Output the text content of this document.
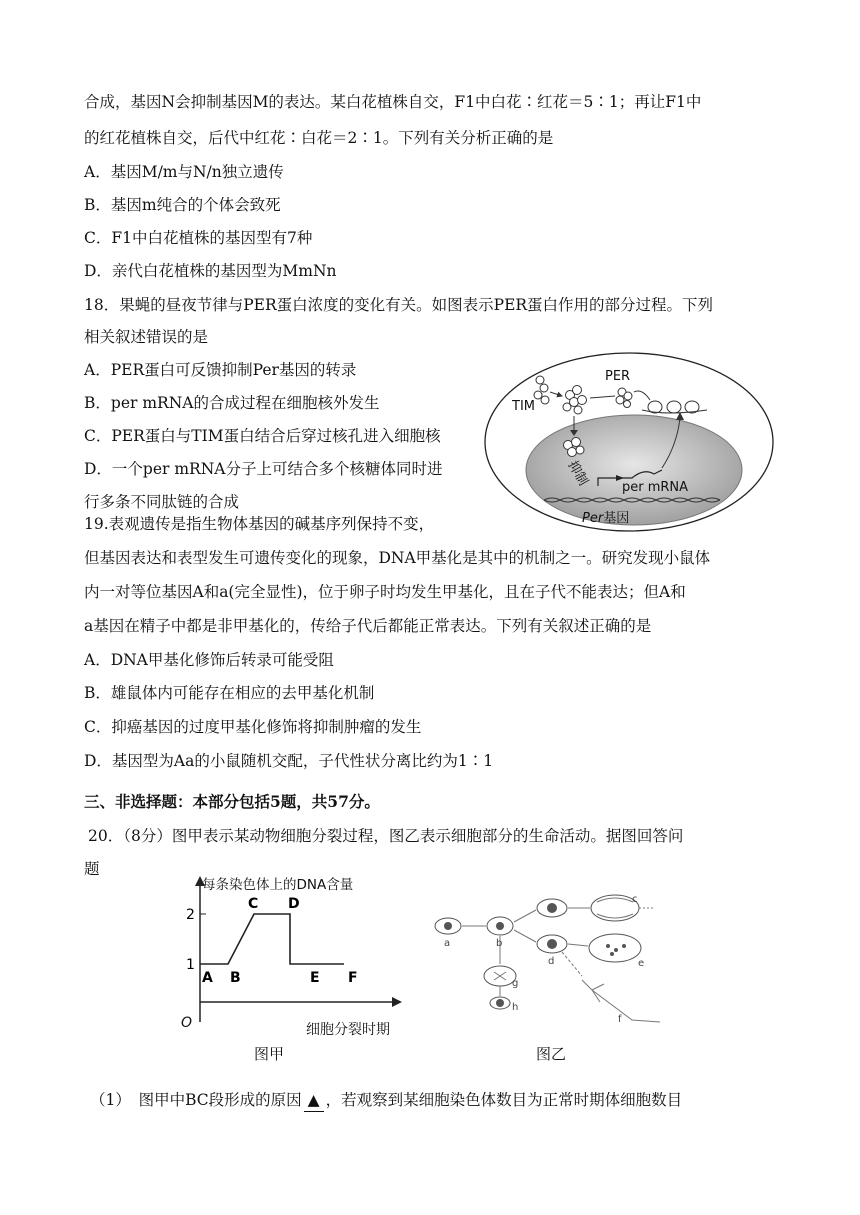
合成，基因N会抑制基因M的表达。某白花植株自交，F1中白花∶红花＝5∶1；再让F1中
的红花植株自交，后代中红花∶白花＝2∶1。下列有关分析正确的是
A．基因M/m与N/n独立遗传
B．基因m纯合的个体会致死
C．F1中白花植株的基因型有7种
D．亲代白花植株的基因型为MmNn
18．果蝇的昼夜节律与PER蛋白浓度的变化有关。如图表示PER蛋白作用的部分过程。下列
相关叙述错误的是
A．PER蛋白可反馈抑制Per基因的转录
B．per mRNA的合成过程在细胞核外发生
C．PER蛋白与TIM蛋白结合后穿过核孔进入细胞核
D．一个per mRNA分子上可结合多个核糖体同时进
行多条不同肽链的合成
TIM
PER
抑制 per mRNA
Per基因
19.表观遗传是指生物体基因的碱基序列保持不变，
但基因表达和表型发生可遗传变化的现象，DNA甲基化是其中的机制之一。研究发现小鼠体
内一对等位基因A和a(完全显性)，位于卵子时均发生甲基化，且在子代不能表达；但A和
a基因在精子中都是非甲基化的，传给子代后都能正常表达。下列有关叙述正确的是
A．DNA甲基化修饰后转录可能受阻
B．雄鼠体内可能存在相应的去甲基化机制
C．抑癌基因的过度甲基化修饰将抑制肿瘤的发生
D．基因型为Aa的小鼠随机交配，子代性状分离比约为1∶1
三、非选择题：本部分包括5题，共57分。
20．（8分）图甲表示某动物细胞分裂过程，图乙表示细胞部分的生命活动。据图回答问
题
每条染色体上的DNA含量
O	细胞分裂时期
1
2
A B
C D
E F
图甲
a	b
c
d	e
f
g
h
图乙
（1）　图甲中BC段形成的原因 ▲ ，若观察到某细胞染色体数目为正常时期体细胞数目
